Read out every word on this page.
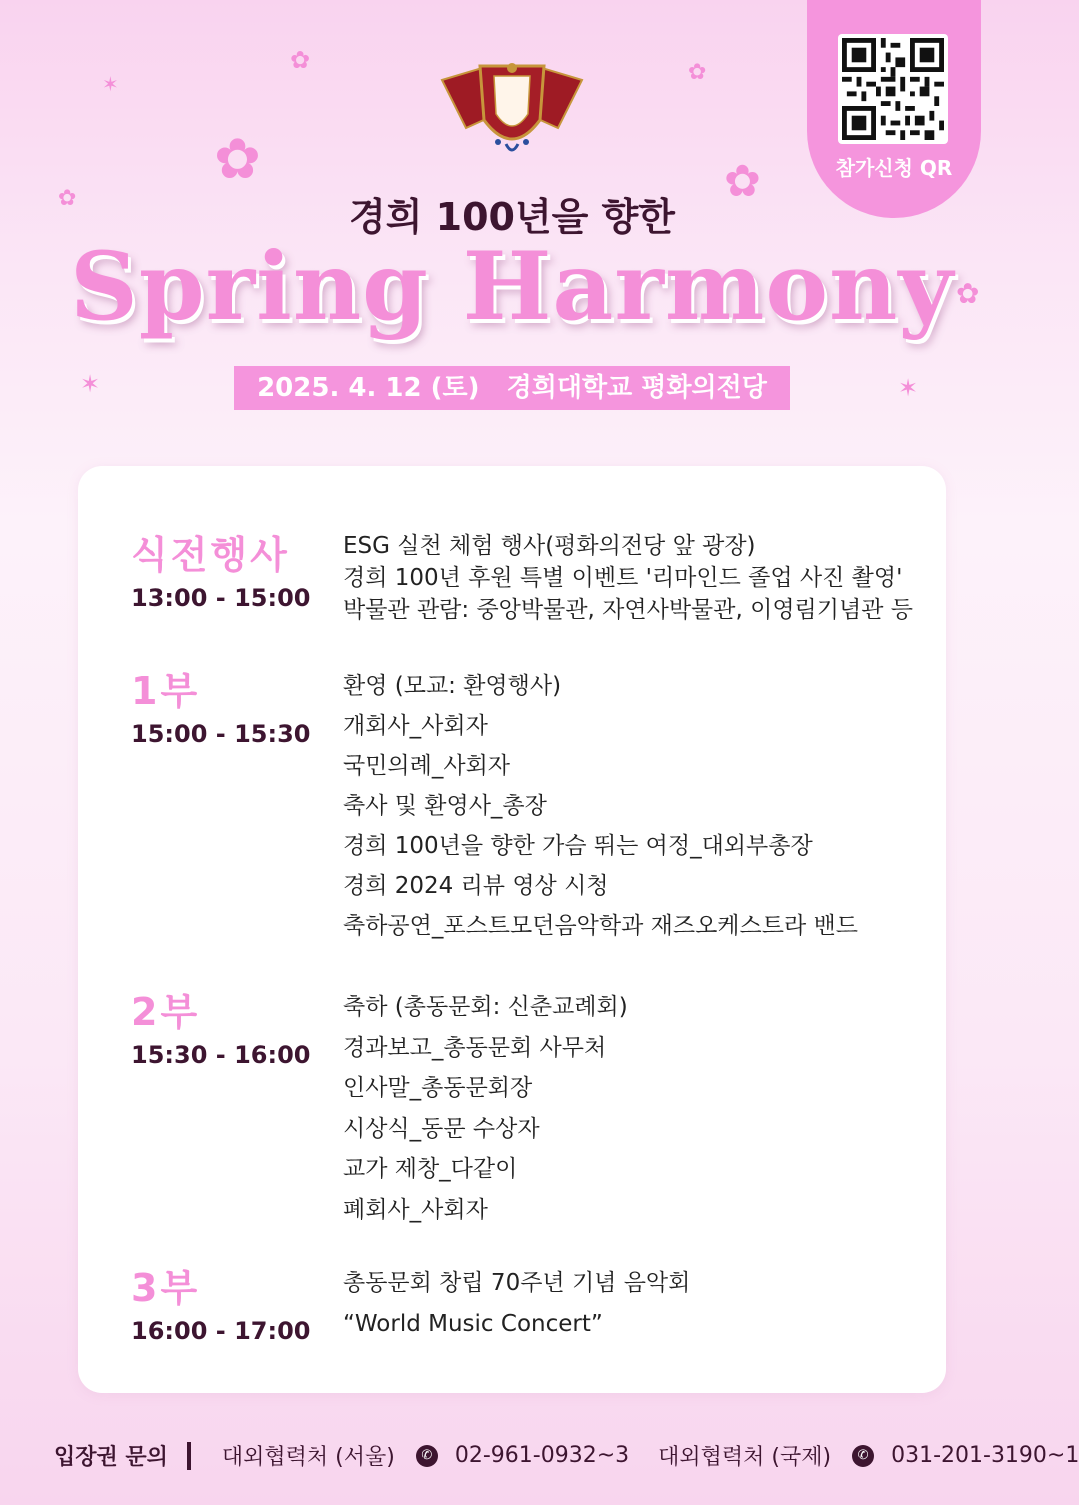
✿
✿
✿
✿
✿
✿
✶
✶	✶
참가신청 QR
경희 100년을 향한
Spring Harmony
2025. 4. 12 (토)   경희대학교 평화의전당
식전행사
13:00 - 15:00
ESG 실천 체험 행사(평화의전당 앞 광장)
경희 100년 후원 특별 이벤트 '리마인드 졸업 사진 촬영'
박물관 관람: 중앙박물관, 자연사박물관, 이영림기념관 등
1부
15:00 - 15:30
환영 (모교: 환영행사)
개회사_사회자
국민의례_사회자
축사 및 환영사_총장
경희 100년을 향한 가슴 뛰는 여정_대외부총장
경희 2024 리뷰 영상 시청
축하공연_포스트모던음악학과 재즈오케스트라 밴드
2부
15:30 - 16:00
축하 (총동문회: 신춘교례회)
경과보고_총동문회 사무처
인사말_총동문회장
시상식_동문 수상자
교가 제창_다같이
폐회사_사회자
3부
16:00 - 17:00
총동문회 창립 70주년 기념 음악회
“World Music Concert”
입장권 문의 대외협력처 (서울) ✆ 02-961-0932~3 대외협력처 (국제) ✆ 031-201-3190~1
